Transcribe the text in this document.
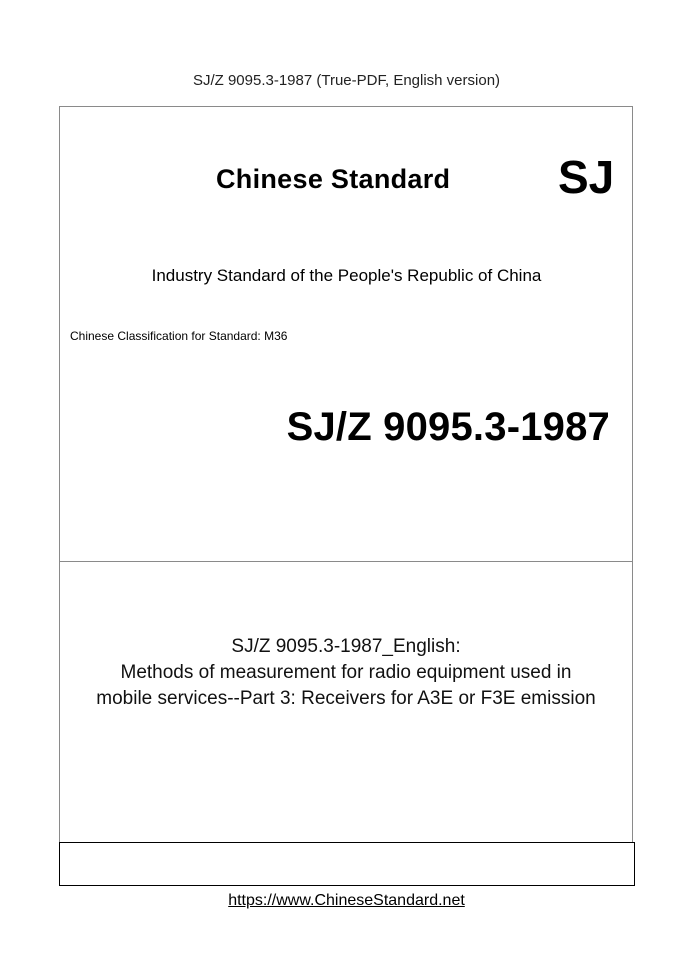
SJ/Z 9095.3-1987 (True-PDF, English version)
Chinese Standard SJ
Industry Standard of the People's Republic of China
Chinese Classification for Standard: M36
SJ/Z 9095.3-1987
SJ/Z 9095.3-1987_English:
Methods of measurement for radio equipment used in
mobile services--Part 3: Receivers for A3E or F3E emission
https://www.ChineseStandard.net
